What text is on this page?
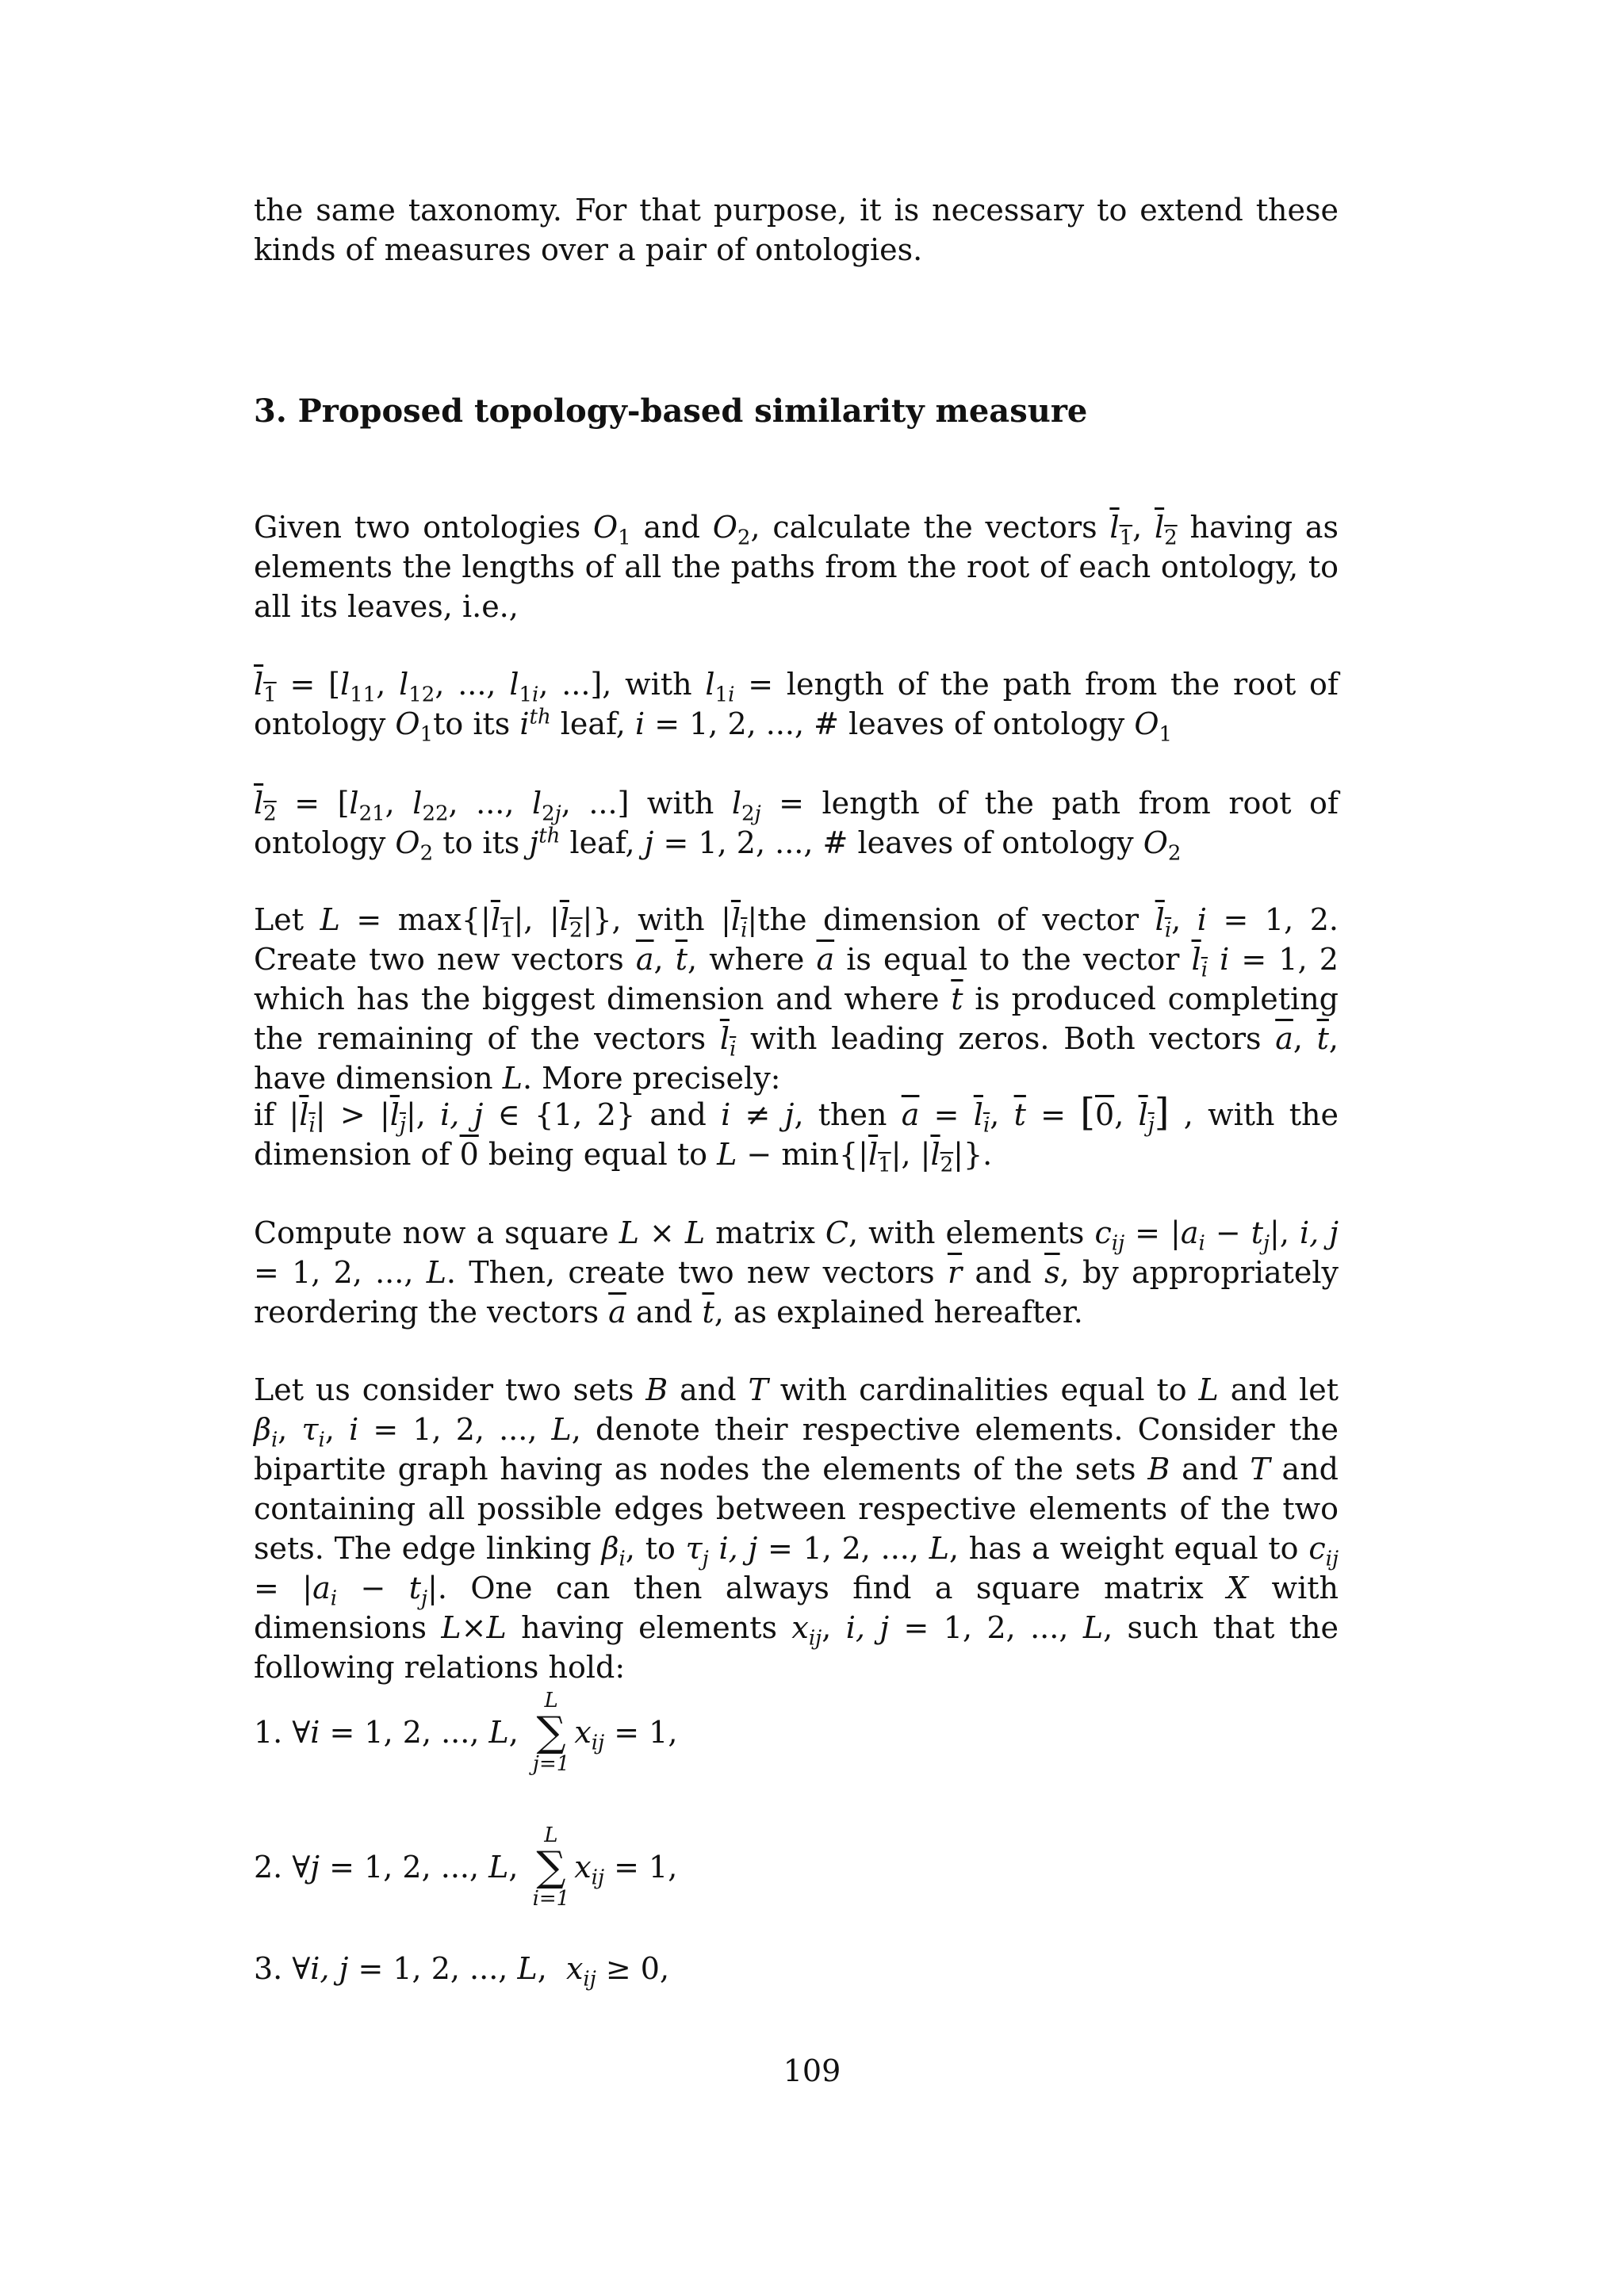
the same taxonomy. For that purpose, it is necessary to extend these kinds of measures over a pair of ontologies.

3. Proposed topology-based similarity measure

Given two ontologies $O_1$ and $O_2$, calculate the vectors $\overline{l}_1$, $\overline{l}_2$ having as elements the lengths of all the paths from the root of each ontology, to all its leaves, i.e.,

$\overline{l}_1 = [l_{11}$, $l_{12}$, ..., $l_{1i}$, ...], with $l_{1i}$ = length of the path from the root of ontology $O_1to$ its $i^{th}$ leaf, i = 1, 2, ..., # leaves of ontology $O_1$

$\overline{l}_2 = [l_{21}$, $l_{22}$, ..., $l_{2j}$, ...] with $l_{2j}$ = length of the path from root of ontology $O_2$ to its $j^{th}$ leaf, j = 1, 2, ..., # leaves of ontology $O_2$

Let $L = \max\{|\overline{l}_1|$, $|\overline{l}_2|$}, with $|\overline{l}_{\overline{i}}|the$ dimension of vector $\overline{l}_{\overline{i}}$, i = 1, 2. Create two new vectors $\overline{a}$, $\overline{t}$, where $\overline{a}$ is equal to the vector $\overline{l}_{\overline{i}}$ i = 1, 2 which has the biggest dimension and where $\overline{t}$ is produced completing the remaining of the vectors $\overline{l}_{\overline{i}}$ with leading zeros. Both vectors $\overline{a}$, $\overline{t}$, have dimension L. More precisely:

if $|\overline{l}_{\overline{i}}| > |\overline{l}_{\overline{j}}|$, i, j ∈ {1, 2} and i ≠ j, then $\overline{a} = \overline{l}_{\overline{i}}$, $\overline{t} = [0$, $\overline{l}_{\overline{j}}$] , with the dimension of 0 being equal to $L - \min\{|\overline{l}_1|$, $|\overline{l}_2|$}.

Compute now a square L × L matrix C, with elements $c_{ij} = |a_i - t_j|$, i, j = 1, 2, ..., L. Then, create two new vectors $\overline{r}$ and $\overline{s}$, by appropriately reordering the vectors $\overline{a}$ and $\overline{t}$, as explained hereafter.

Let us consider two sets B and T with cardinalities equal to L and let $\beta_i$, $\tau_i$, i = 1, 2, ..., L, denote their respective elements. Consider the bipartite graph having as nodes the elements of the sets B and T and containing all possible edges between respective elements of the two sets. The edge linking $\beta_i$, to $\tau_j$ i, j = 1, 2, ..., L, has a weight equal to $c_{ij} = |a_i - t_j|$. One can then always find a square matrix X with dimensions L×L having elements $x_{ij}$, i, j = 1, 2, ..., L, such that the following relations hold:

1. ∀i = 1, 2, ..., L,
L
∑
j=1
$x_{ij} = 1$,
2. ∀j = 1, 2, ..., L,
L
∑
i=1
$x_{ij} = 1$,
3. ∀i, j = 1, 2, ..., L,  $x_{ij} \ge 0$,
109
